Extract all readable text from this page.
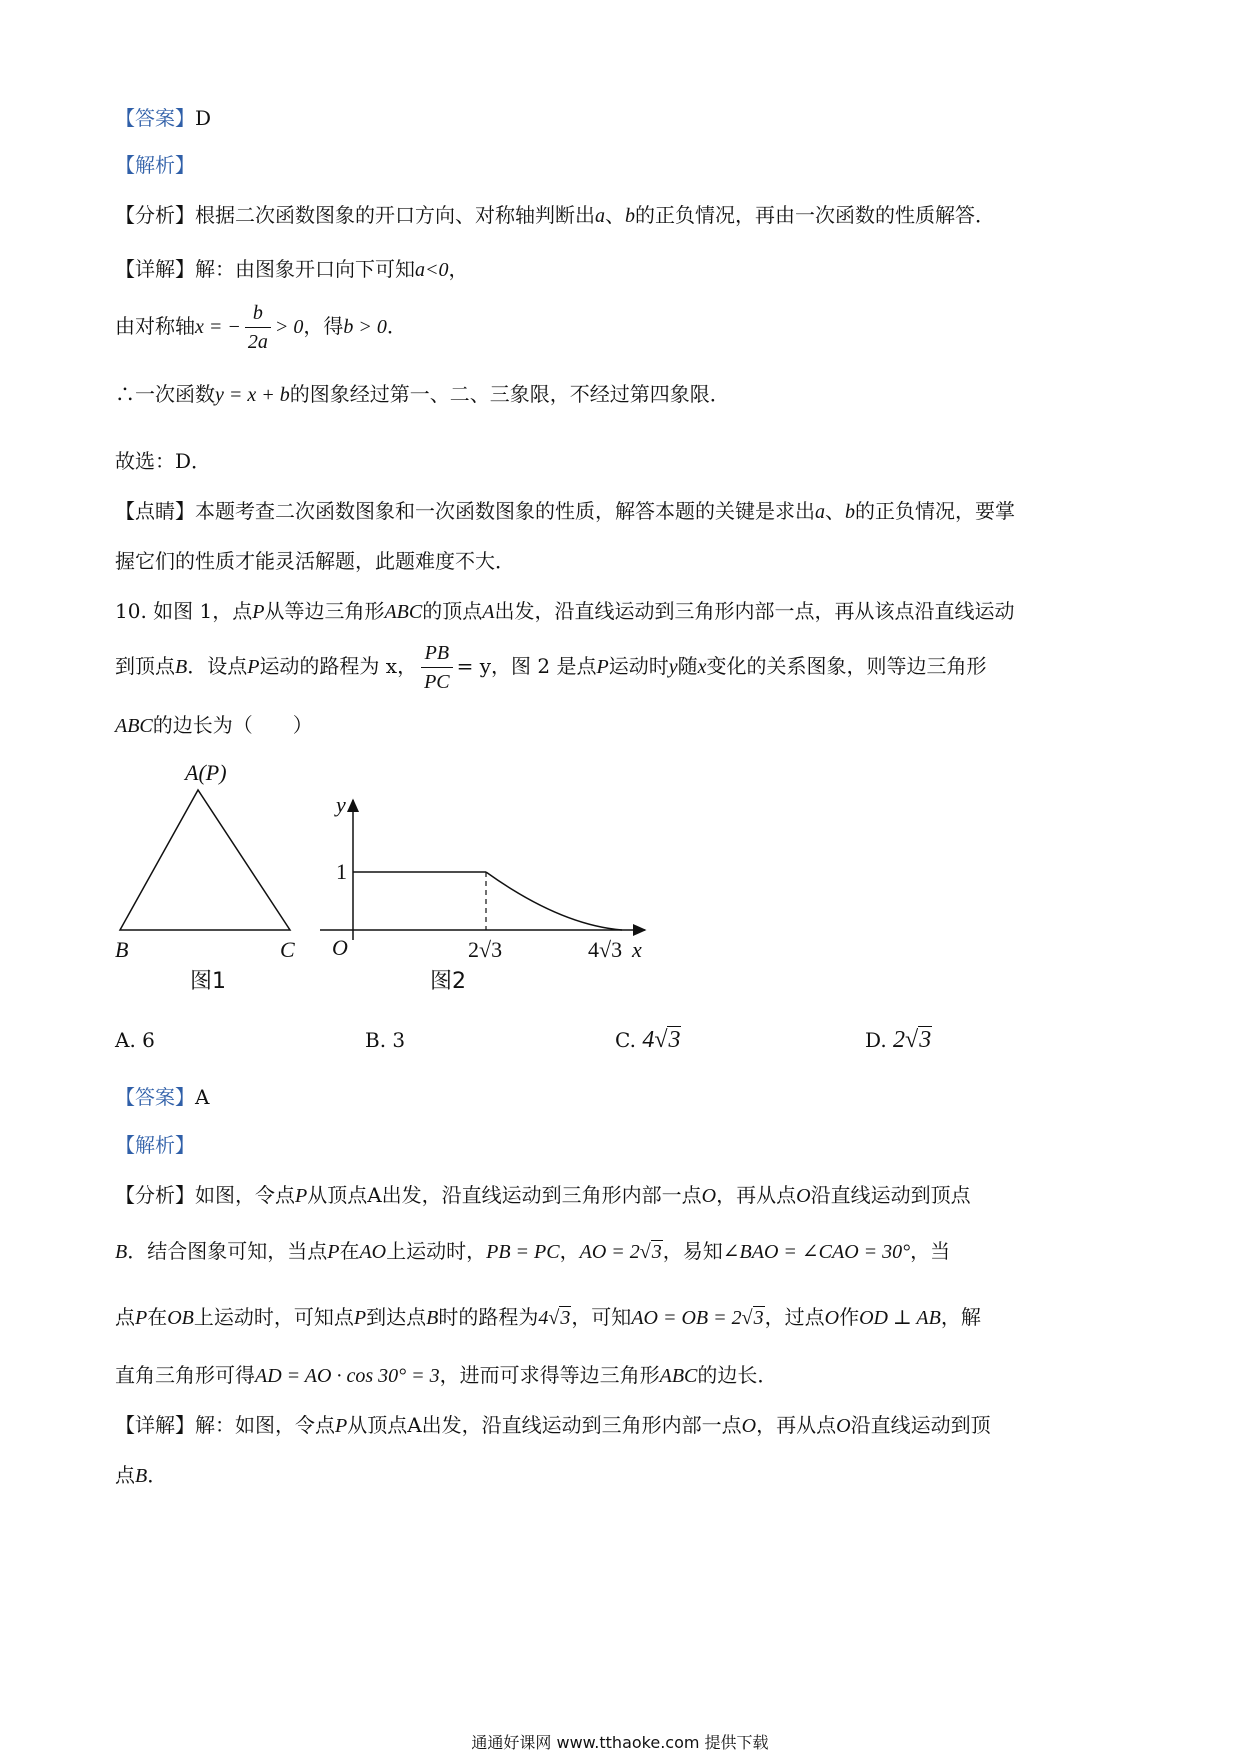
【答案】D
【解析】
【分析】根据二次函数图象的开口方向、对称轴判断出a、b的正负情况，再由一次函数的性质解答．
【详解】解：由图象开口向下可知a<0，
由对称轴x = − $\frac{b}{2a} > 0$，得b > 0．
∴一次函数y = x + b的图象经过第一、二、三象限，不经过第四象限．
故选：D．
【点睛】本题考查二次函数图象和一次函数图象的性质，解答本题的关键是求出a、b的正负情况，要掌
握它们的性质才能灵活解题，此题难度不大．
10. 如图 1，点P从等边三角形ABC的顶点A出发，沿直线运动到三角形内部一点，再从该点沿直线运动
到顶点B．设点P运动的路程为 x， $\frac{PB}{PC} = y$，图 2 是点P运动时y随x变化的关系图象，则等边三角形
ABC的边长为（　　）
A(P)
B	C
图1
y
x
O
1
2√3	4√3
图2
A. 6	B. 3	C. 4√3	D. 2√3
【答案】A
【解析】
【分析】如图，令点P从顶点A出发，沿直线运动到三角形内部一点O，再从点O沿直线运动到顶点
B．结合图象可知，当点P在AO上运动时，PB = PC，AO = 2√3，易知∠BAO = ∠CAO = 30°，当
点P在OB上运动时，可知点P到达点B时的路程为4√3，可知AO = OB = 2√3，过点O作OD ⊥ AB，解
直角三角形可得AD = AO · cos 30° = 3，进而可求得等边三角形ABC的边长．
【详解】解：如图，令点P从顶点A出发，沿直线运动到三角形内部一点O，再从点O沿直线运动到顶
点B．
通通好课网 www.tthaoke.com 提供下载
